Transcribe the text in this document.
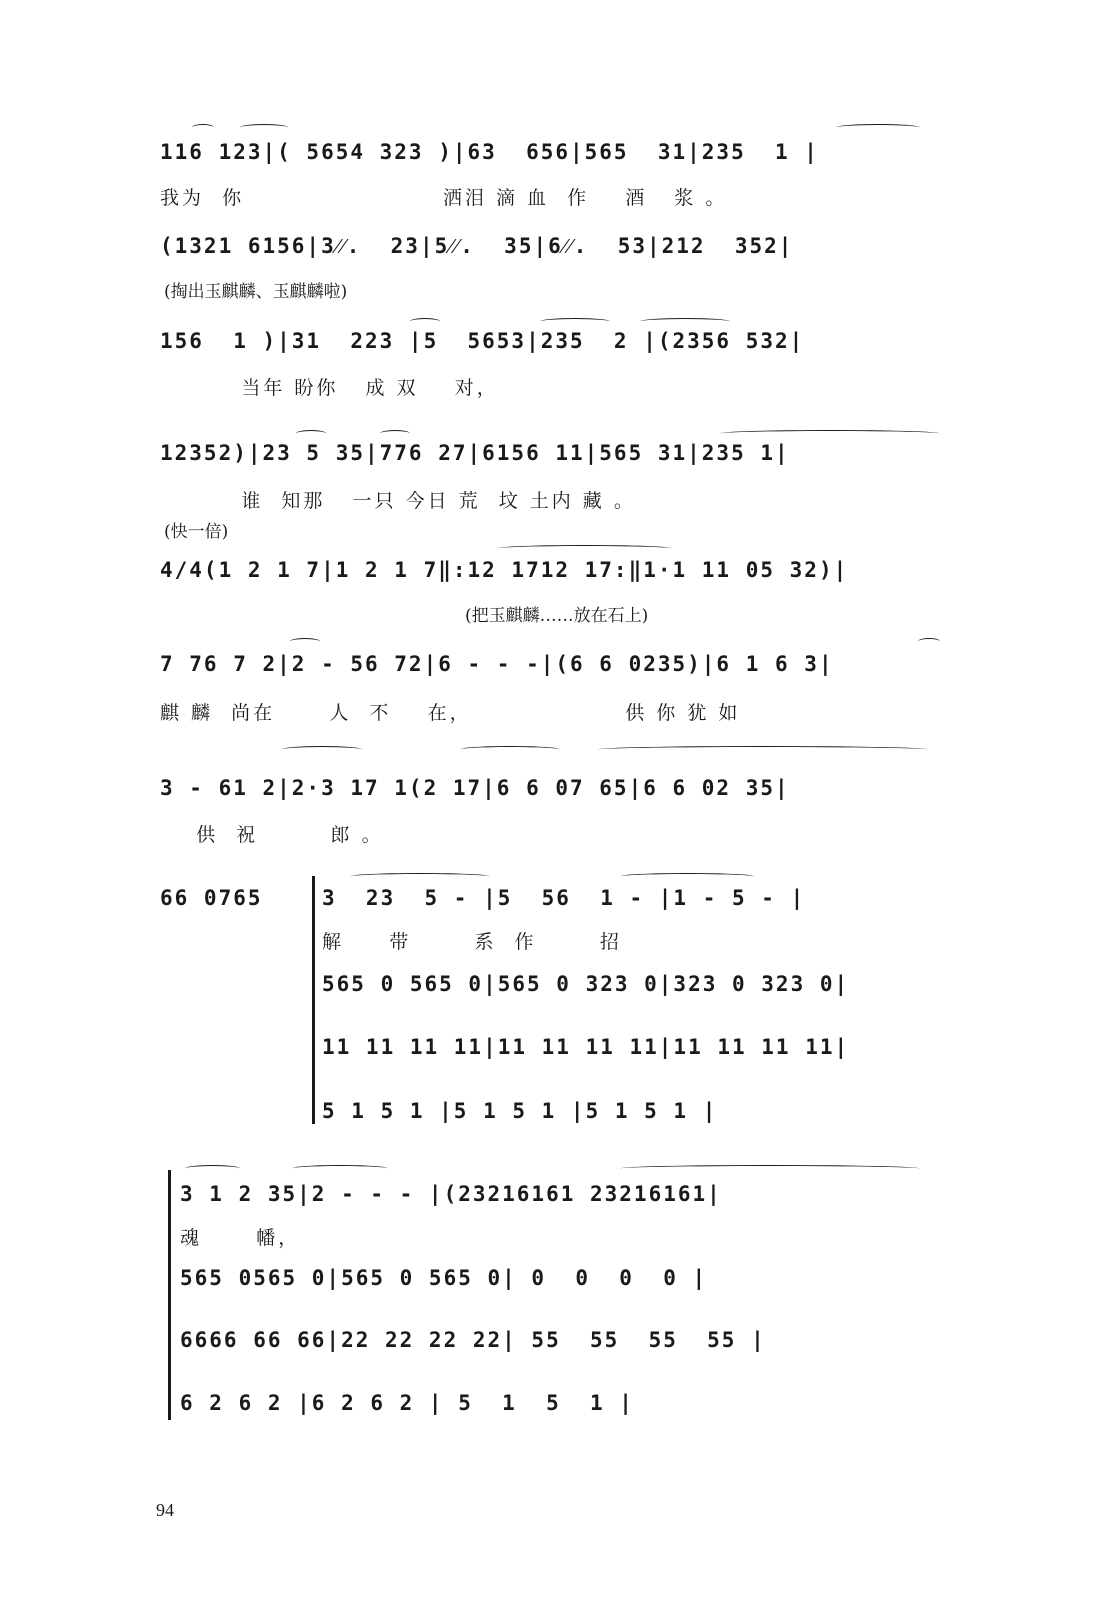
116 123|( 5654 323 )|63  656|565  31|235  1 |
我为  你                      洒泪 滴 血  作    酒   浆 。
(1321 6156|3⁄⁄.  23|5⁄⁄.  35|6⁄⁄.  53|212  352|
(掏出玉麒麟、玉麒麟啦)
156  1 )|31  223 |5  5653|235  2 |(2356 532|
当年 盼你   成 双    对，
12352)|23 5 35|776 27|6156 11|565 31|235 1|
谁  知那   一只 今日 荒  坟 土内 藏 。
(快一倍)
4/4(1 2 1 7|1 2 1 7‖:12 1712 17:‖1·1 11 05 32)|
(把玉麒麟……放在石上)
7 76 7 2|2 - 56 72|6 - - -|(6 6 0235)|6 1 6 3|
麒 麟  尚在      人  不    在，                 供 你 犹 如
3 - 61 2|2·3 17 1(2 17|6 6 07 65|6 6 02 35|
供  祝        郎 。
66 0765	3  23  5 - |5  56  1 - |1 - 5 - |
解     带       系  作       招
565 0 565 0|565 0 323 0|323 0 323 0|
11 11 11 11|11 11 11 11|11 11 11 11|
5 1 5 1 |5 1 5 1 |5 1 5 1 |
3 1 2 35|2 - - - |(23216161 23216161|
魂      幡，
565 0565 0|565 0 565 0| 0  0  0  0 |
6666 66 66|22 22 22 22| 55  55  55  55 |
6 2 6 2 |6 2 6 2 | 5  1  5  1 |
94
